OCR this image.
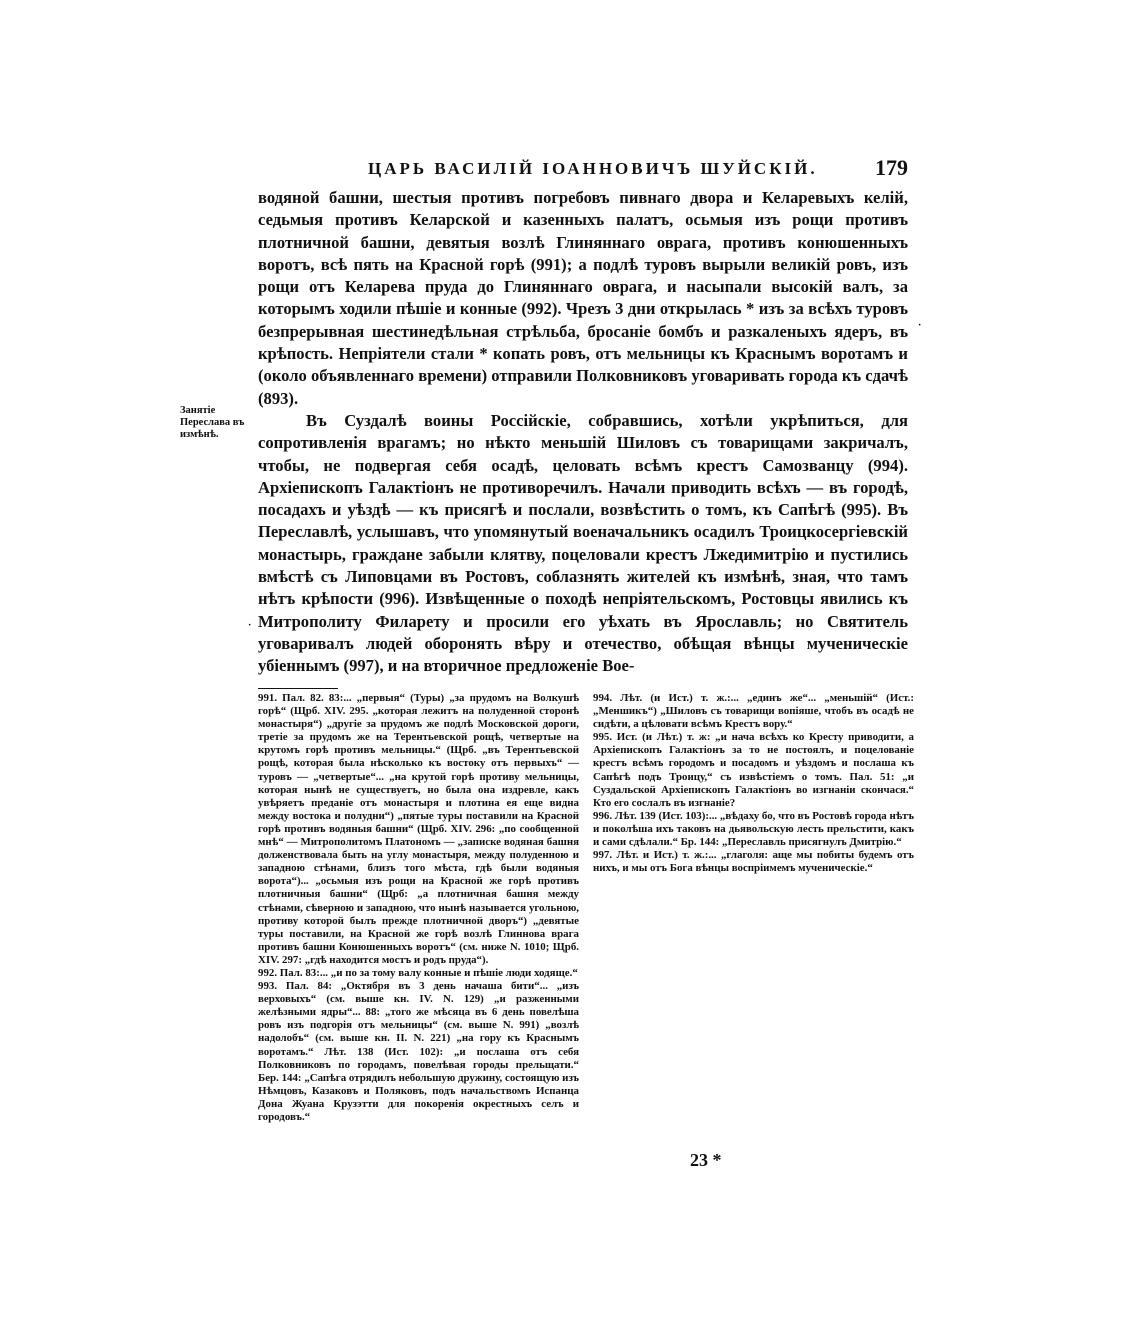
ЦАРЬ ВАСИЛІЙ ІОАННОВИЧЪ ШУЙСКІЙ.	179

водяной башни, шестыя противъ погребовъ пивнаго двора и Келаревыхъ келій, седьмыя противъ Келарской и казенныхъ палатъ, осьмыя изъ рощи противъ плотничной башни, девятыя возлѣ Глиняннаго оврага, противъ конюшенныхъ воротъ, всѣ пять на Красной горѣ (991); а подлѣ туровъ вырыли великій ровъ, изъ рощи отъ Келарева пруда до Глиняннаго оврага, и насыпали высокій валъ, за которымъ ходили пѣшіе и конные (992). Чрезъ 3 дни открылась * изъ за всѣхъ туровъ безпрерывная шестинедѣльная стрѣльба, бросаніе бомбъ и разкаленыхъ ядеръ, въ крѣпость. Непріятели стали * копать ровъ, отъ мельницы къ Краснымъ воротамъ и (около объявленнаго времени) отправили Полковниковъ уговаривать города къ сдачѣ (893).

Въ Суздалѣ воины Россійскіе, собравшись, хотѣли укрѣпиться, для сопротивленія врагамъ; но нѣкто меньшій Шиловъ съ товарищами закричалъ, чтобы, не подвергая себя осадѣ, целовать всѣмъ крестъ Самозванцу (994). Архіепископъ Галактіонъ не противоречилъ. Начали приводить всѣхъ — въ городѣ, посадахъ и уѣздѣ — къ присягѣ и послали, возвѣстить о томъ, къ Сапѣгѣ (995). Въ Переславлѣ, услышавъ, что упомянутый военачальникъ осадилъ Троицкосергіевскій монастырь, граждане забыли клятву, поцеловали крестъ Лжедимитрію и пустились вмѣстѣ съ Липовцами въ Ростовъ, соблазнять жителей къ измѣнѣ, зная, что тамъ нѣтъ крѣпости (996). Извѣщенные о походѣ непріятельскомъ, Ростовцы явились къ Митрополиту Филарету и просили его уѣхать въ Ярославль; но Святитель уговаривалъ людей оборонять вѣру и отечество, обѣщая вѣнцы мученическіе убіеннымъ (997), и на вторичное предложеніе Вое-

Занятіе Переслава въ измѣнѣ.
·
·

991. Пал. 82. 83:... „первыя“ (Туры) „за прудомъ на Волкушѣ горѣ“ (Щрб. XIV. 295. „которая лежитъ на полуденной сторонѣ монастыря“) „другіе за прудомъ же подлѣ Московской дороги, третіе за прудомъ же на Терентьевской рощѣ, четвертые на крутомъ горѣ противъ мельницы.“ (Щрб. „въ Терентьевской рощѣ, которая была нѣсколько къ востоку отъ первыхъ“ — туровъ — „четвертые“... „на крутой горѣ противу мельницы, которая нынѣ не существуетъ, но была она издревле, какъ увѣряетъ преданіе отъ монастыря и плотина ея еще видна между востока и полудни“) „пятые туры поставили на Красной горѣ противъ водяныя башни“ (Щрб. XIV. 296: „по сообщенной мнѣ“ — Митрополитомъ Платономъ — „записке водяная башня долженствовала быть на углу монастыря, между полуденною и западною стѣнами, близъ того мѣста, гдѣ были водяныя ворота“)... „осьмыя изъ рощи на Красной же горѣ противъ плотничныя башни“ (Щрб: „а плотничная башня между стѣнами, сѣверною и западною, что нынѣ называется угольною, противу которой былъ прежде плотничной дворъ“) „девятые туры поставили, на Красной же горѣ возлѣ Глиннова врага противъ башни Конюшенныхъ воротъ“ (см. ниже N. 1010; Щрб. XIV. 297: „гдѣ находится мостъ и родъ пруда“).

992. Пал. 83:... „и по за тому валу конные и пѣшіе люди ходяще.“

993. Пал. 84: „Октября въ 3 день начаша бити“... „изъ верховыхъ“ (см. выше кн. IV. N. 129) „и разженными желѣзными ядры“... 88: „того же мѣсяца въ 6 день повелѣша ровъ изъ подгорія отъ мельницы“ (см. выше N. 991) „возлѣ надолобъ“ (см. выше кн. II. N. 221) „на гору къ Краснымъ воротамъ.“ Лѣт. 138 (Ист. 102): „и послаша отъ себя Полковниковъ по городамъ, повелѣвая городы прельщати.“ Бер. 144: „Сапѣга отрядилъ небольшую дружину, состоящую изъ Нѣмцовъ, Казаковъ и Поляковъ, подъ начальствомъ Испанца Дона Жуана Крузэтти для покоренія окрестныхъ селъ и городовъ.“

994. Лѣт. (и Ист.) т. ж.:... „единъ же“... „меньшій“ (Ист.: „Меншикъ“) „Шиловъ съ товарищи вопіяше, чтобъ въ осадѣ не сидѣти, а цѣловати всѣмъ Крестъ вору.“

995. Ист. (и Лѣт.) т. ж: „и нача всѣхъ ко Кресту приводити, а Архіепископъ Галактіонъ за то не постоялъ, и поцелованіе крестъ всѣмъ городомъ и посадомъ и уѣздомъ и послаша къ Сапѣгѣ подъ Троицу,“ съ извѣстіемъ о томъ. Пал. 51: „и Суздальской Архіепископъ Галактіонъ во изгнаніи скончася.“ Кто его сослалъ въ изгнаніе?

996. Лѣт. 139 (Ист. 103):... „вѣдаху бо, что въ Ростовѣ города нѣтъ и поколѣша ихъ таковъ на дьявольскую лесть прельстити, какъ и сами сдѣлали.“ Бр. 144: „Переславль присягнулъ Дмитрію.“

997. Лѣт. и Ист.) т. ж.:... „глаголя: аще мы побиты будемъ отъ нихъ, и мы отъ Бога вѣнцы воспріимемъ мученическіе.“

23 *
